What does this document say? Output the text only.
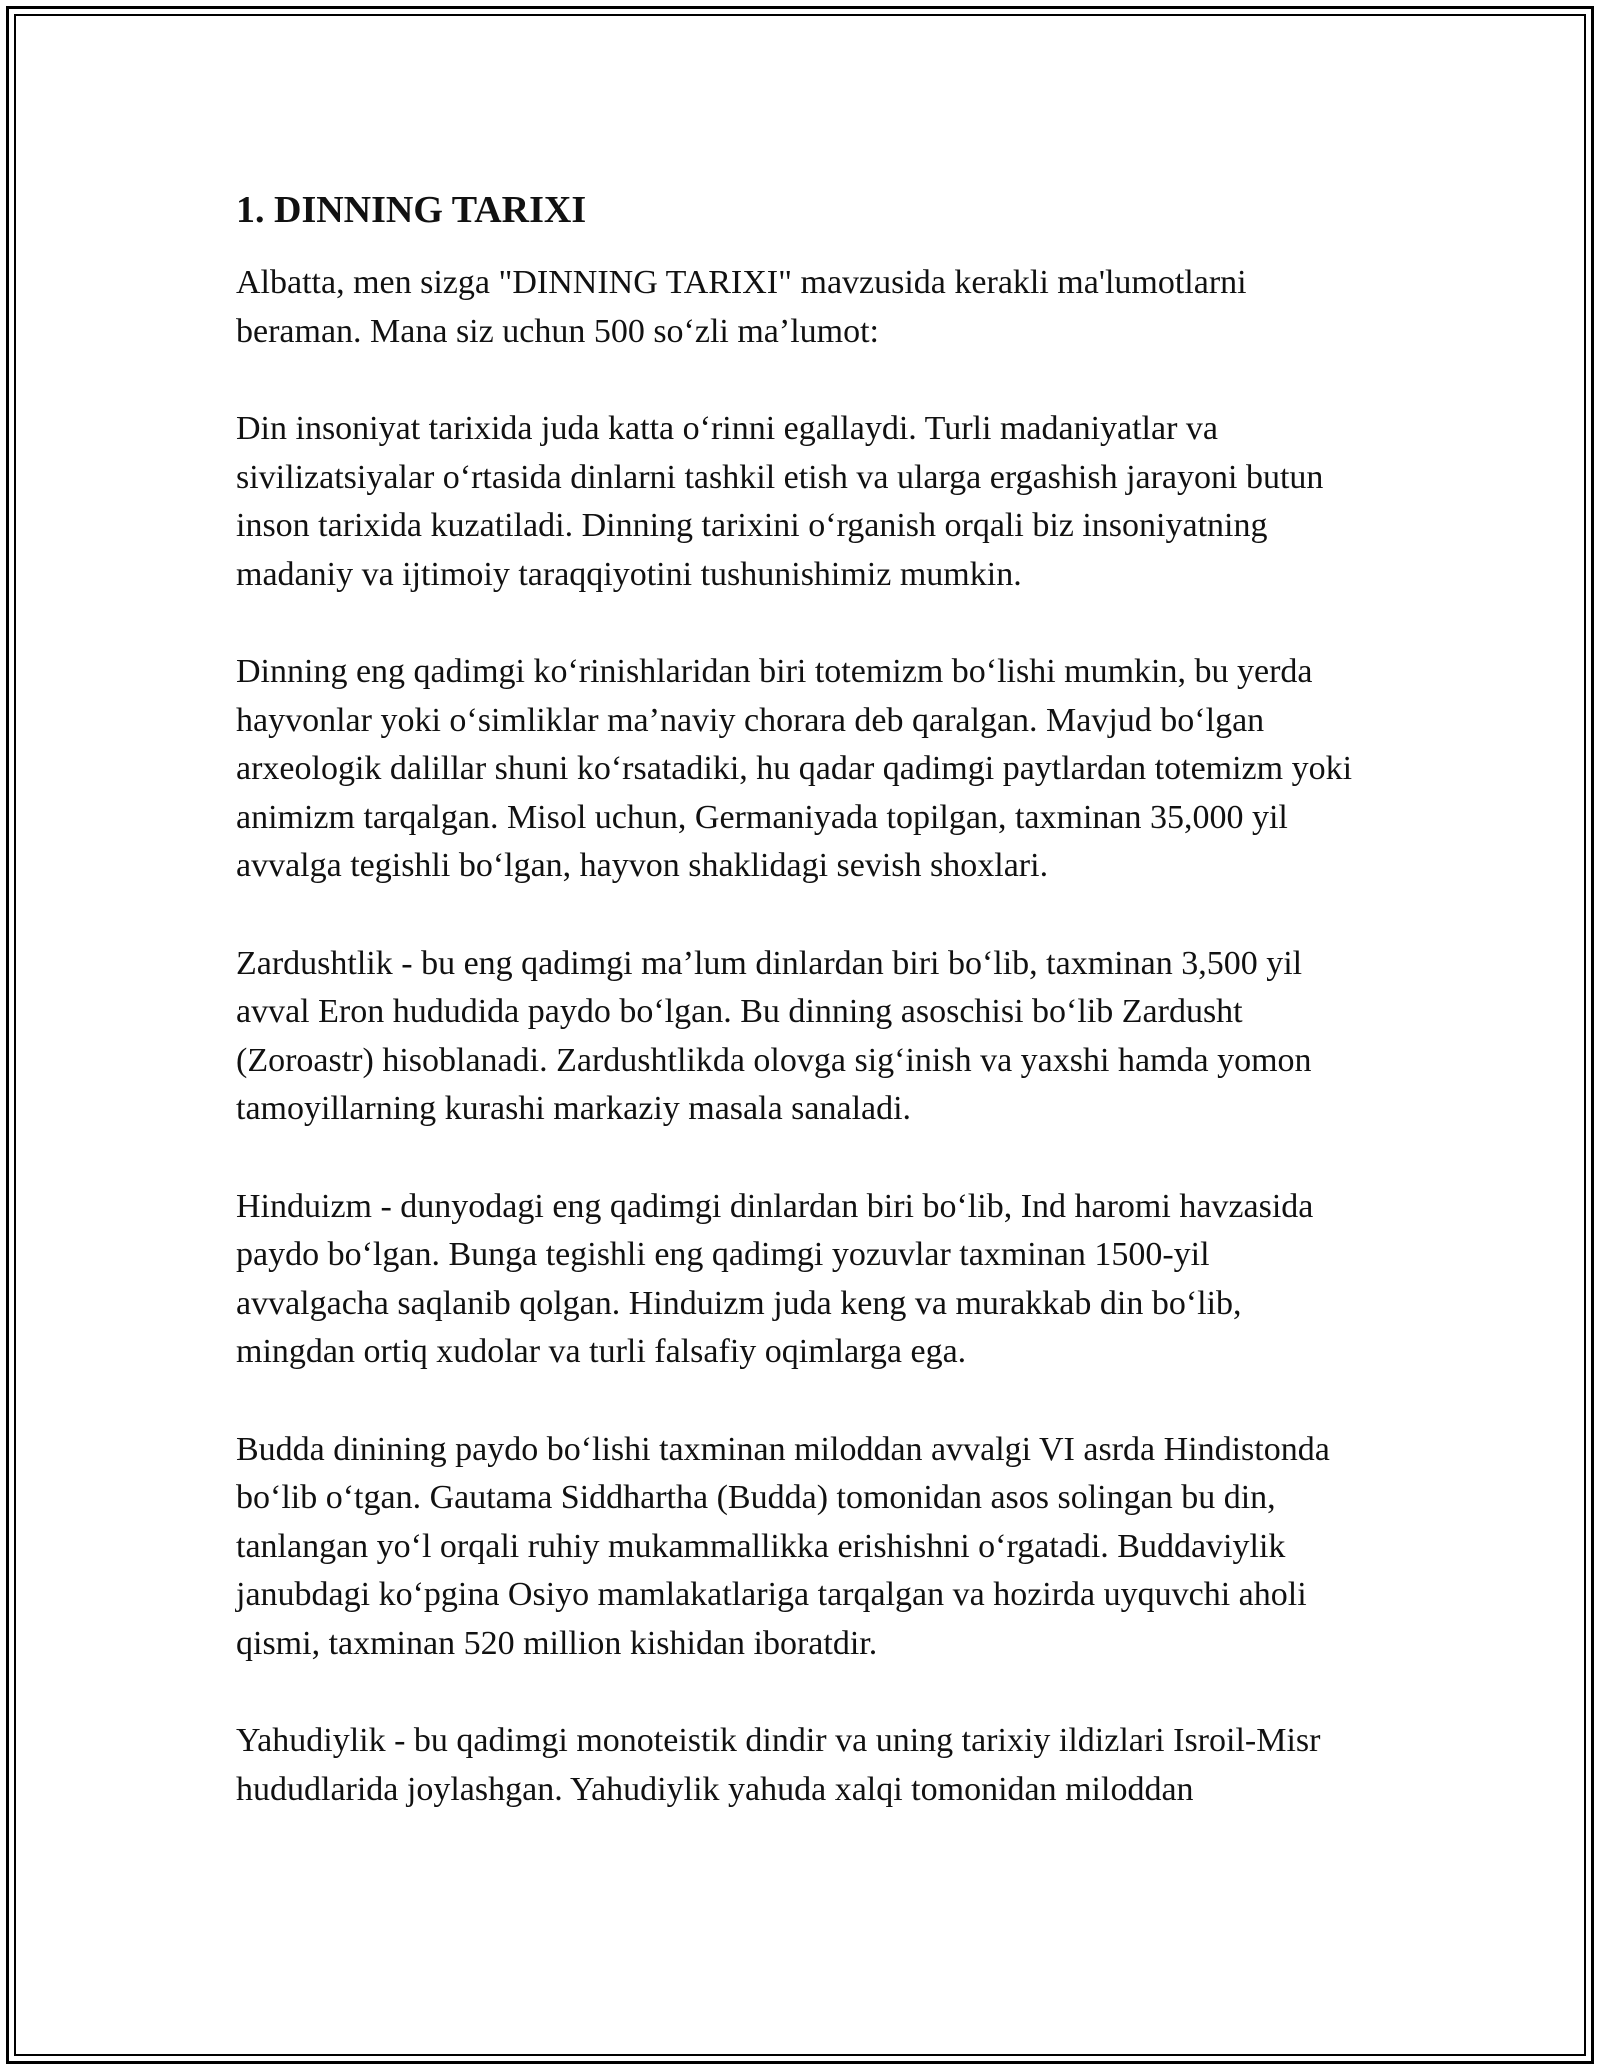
1. DINNING TARIXI

Albatta, men sizga "DINNING TARIXI" mavzusida kerakli ma'lumotlarni beraman. Mana siz uchun 500 so‘zli ma’lumot:

Din insoniyat tarixida juda katta o‘rinni egallaydi. Turli madaniyatlar va sivilizatsiyalar o‘rtasida dinlarni tashkil etish va ularga ergashish jarayoni butun inson tarixida kuzatiladi. Dinning tarixini o‘rganish orqali biz insoniyatning madaniy va ijtimoiy taraqqiyotini tushunishimiz mumkin.

Dinning eng qadimgi ko‘rinishlaridan biri totemizm bo‘lishi mumkin, bu yerda hayvonlar yoki o‘simliklar ma’naviy chorara deb qaralgan. Mavjud bo‘lgan arxeologik dalillar shuni ko‘rsatadiki, hu qadar qadimgi paytlardan totemizm yoki animizm tarqalgan. Misol uchun, Germaniyada topilgan, taxminan 35,000 yil avvalga tegishli bo‘lgan, hayvon shaklidagi sevish shoxlari.

Zardushtlik - bu eng qadimgi ma’lum dinlardan biri bo‘lib, taxminan 3,500 yil avval Eron hududida paydo bo‘lgan. Bu dinning asoschisi bo‘lib Zardusht (Zoroastr) hisoblanadi. Zardushtlikda olovga sig‘inish va yaxshi hamda yomon tamoyillarning kurashi markaziy masala sanaladi.

Hinduizm - dunyodagi eng qadimgi dinlardan biri bo‘lib, Ind haromi havzasida paydo bo‘lgan. Bunga tegishli eng qadimgi yozuvlar taxminan 1500-yil avvalgacha saqlanib qolgan. Hinduizm juda keng va murakkab din bo‘lib, mingdan ortiq xudolar va turli falsafiy oqimlarga ega.

Budda dinining paydo bo‘lishi taxminan miloddan avvalgi VI asrda Hindistonda bo‘lib o‘tgan. Gautama Siddhartha (Budda) tomonidan asos solingan bu din, tanlangan yo‘l orqali ruhiy mukammallikka erishishni o‘rgatadi. Buddaviylik janubdagi ko‘pgina Osiyo mamlakatlariga tarqalgan va hozirda uyquvchi aholi qismi, taxminan 520 million kishidan iboratdir.

Yahudiylik - bu qadimgi monoteistik dindir va uning tarixiy ildizlari Isroil-Misr hududlarida joylashgan. Yahudiylik yahuda xalqi tomonidan miloddan
